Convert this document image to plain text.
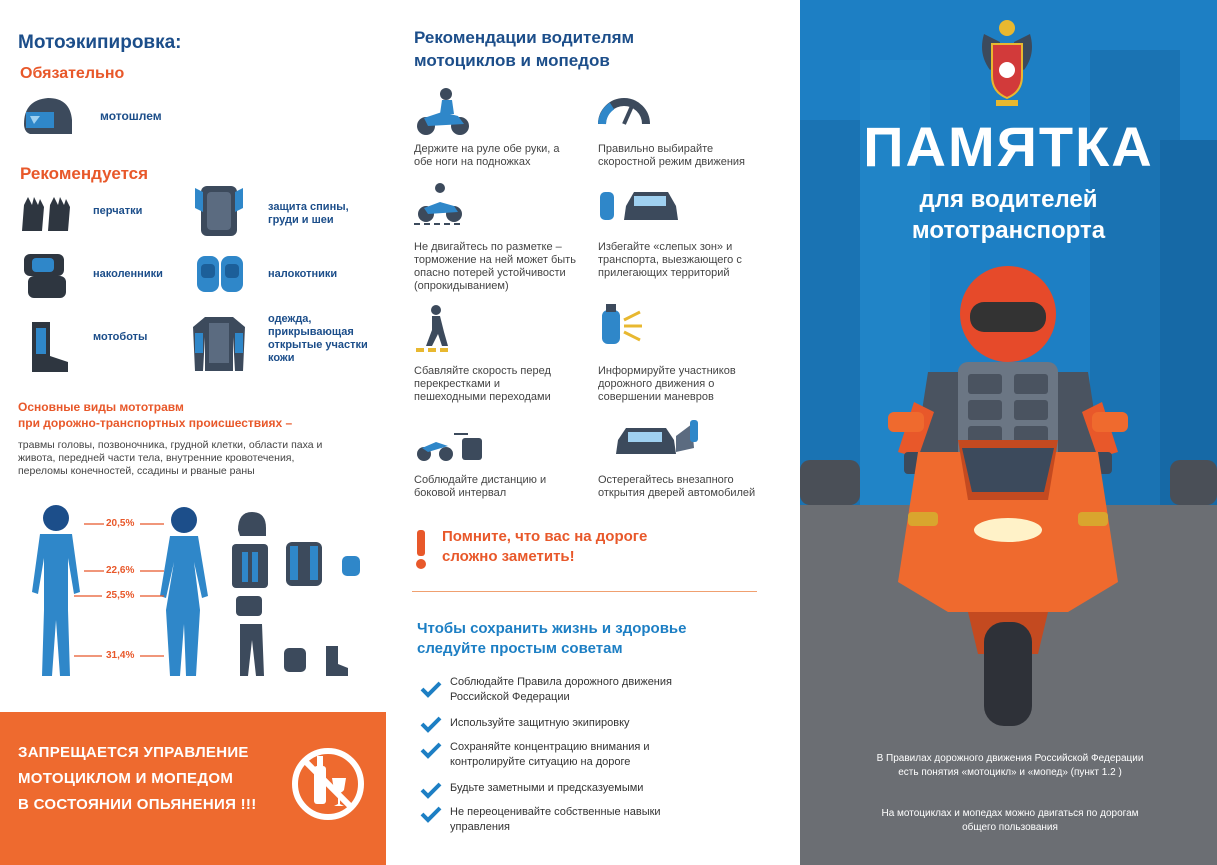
Мотоэкипировка:
Обязательно
мотошлем
Рекомендуется
перчатки	защита спины, груди и шеи
наколенники	налокотники
мотоботы
одежда, прикрывающая открытые участки кожи
Основные виды мототравм
при дорожно-транспортных происшествиях –
травмы головы, позвоночника, грудной клетки, области паха и живота, передней части тела, внутренние кровотечения, переломы конечностей, ссадины и рваные раны
20,5%
22,6%
25,5%
31,4%
ЗАПРЕЩАЕТСЯ УПРАВЛЕНИЕ
МОТОЦИКЛОМ И МОПЕДОМ
В СОСТОЯНИИ ОПЬЯНЕНИЯ !!!
Рекомендации водителям
мотоциклов и мопедов
Держите на руле обе руки, а обе ноги на подножках
Правильно выбирайте скоростной режим движения
Не двигайтесь по разметке – торможение на ней может быть опасно потерей устойчивости (опрокидыванием)
Избегайте «слепых зон» и транспорта, выезжающего с прилегающих территорий
Сбавляйте скорость перед перекрестками и пешеходными переходами
Информируйте участников дорожного движения о совершении маневров
Соблюдайте дистанцию и боковой интервал
Остерегайтесь внезапного открытия дверей автомобилей
Помните, что вас на дороге
сложно заметить!
Чтобы сохранить жизнь и здоровье
следуйте простым советам
Соблюдайте Правила дорожного движения Российской Федерации
Используйте защитную экипировку
Сохраняйте концентрацию внимания и контролируйте ситуацию на дороге
Будьте заметными и предсказуемыми
Не переоценивайте собственные навыки управления
ПАМЯТКА
для водителей
мототранспорта
В Правилах дорожного движения Российской Федерации есть понятия «мотоцикл» и «мопед» (пункт 1.2 )
На мотоциклах и мопедах можно двигаться по дорогам общего пользования
